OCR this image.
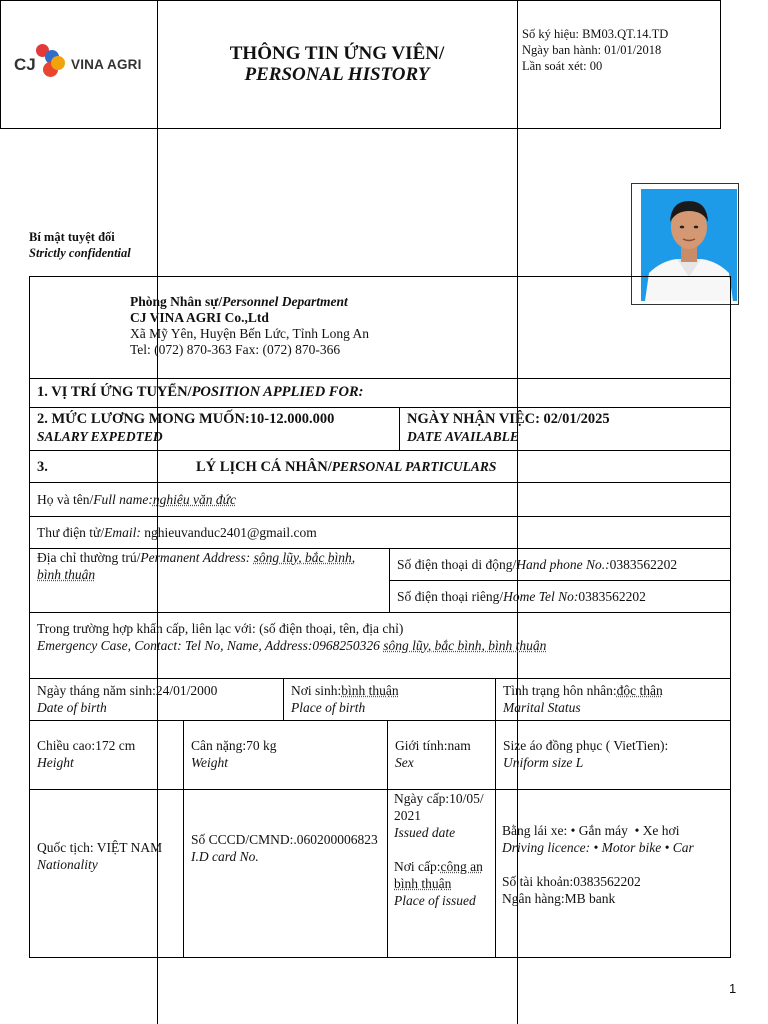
CJ	VINA AGRI
THÔNG TIN ỨNG VIÊN/
PERSONAL HISTORY
Số ký hiệu: BM03.QT.14.TD
Ngày ban hành: 01/01/2018
Lần soát xét: 00
Bí mật tuyệt đối
Strictly confidential
Phòng Nhân sự/Personnel Department
CJ VINA AGRI Co.,Ltd
Xã Mỹ Yên, Huyện Bến Lức, Tỉnh Long An
Tel: (072) 870-363 Fax: (072) 870-366
1. VỊ TRÍ ỨNG TUYỂN/POSITION APPLIED FOR:
2. MỨC LƯƠNG MONG MUỐN:10-12.000.000
SALARY EXPEDTED
NGÀY NHẬN VIỆC: 02/01/2025
DATE AVAILABLE
3.	LÝ LỊCH CÁ NHÂN/PERSONAL PARTICULARS
Họ và tên/Full name:nghiêu văn đức
Thư điện tử/Email: nghieuvanduc2401@gmail.com
Địa chỉ thường trú/Permanent Address: sông lũy, bắc bình, bình thuận
Số điện thoại di động/Hand phone No.:0383562202
Số điện thoại riêng/Home Tel No:0383562202
Trong trường hợp khẩn cấp, liên lạc với: (số điện thoại, tên, địa chỉ)
Emergency Case, Contact: Tel No, Name, Address:0968250326 sông lũy, bắc bình, bình thuận
Ngày tháng năm sinh:24/01/2000
Date of birth
Nơi sinh:bình thuận
Place of birth
Tình trạng hôn nhân:độc thân
Marital Status
Chiều cao:172 cm
Height
Cân nặng:70 kg
Weight
Giới tính:nam
Sex
Size áo đồng phục ( VietTien):
Uniform size L
Quốc tịch: VIỆT NAM
Nationality
Số CCCD/CMND:.060200006823
I.D card No.
Ngày cấp:10/05/2021
Issued date
Nơi cấp:công an bình thuận
Place of issued
Bằng lái xe: • Gắn máy • Xe hơi
Driving licence: • Motor bike • Car
Số tài khoản:0383562202
Ngân hàng:MB bank
1
